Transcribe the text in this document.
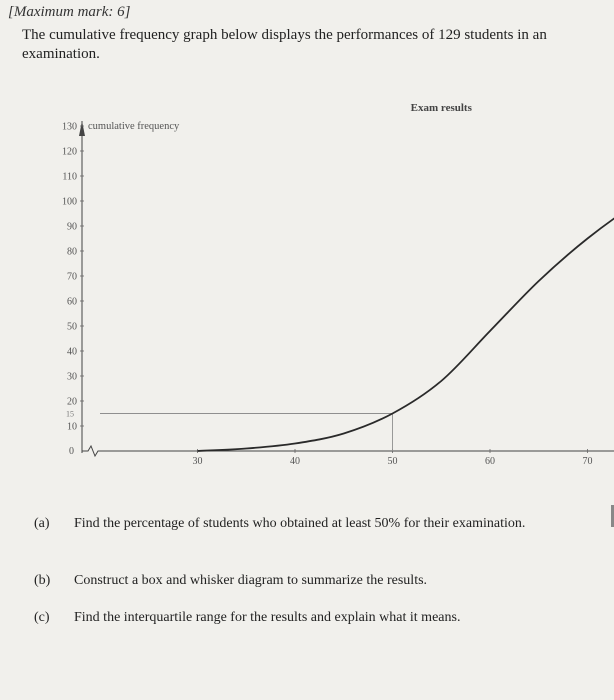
[Maximum mark: 6]
The cumulative frequency graph below displays the performances of 129 students in an examination.
10
20
30
40
50
60
70
80
90
100
110
120
130
15
0
30	40	50	60	70
cumulative frequency
Exam results
(a) Find the percentage of students who obtained at least 50% for their examination.
(b) Construct a box and whisker diagram to summarize the results.
(c) Find the interquartile range for the results and explain what it means.
